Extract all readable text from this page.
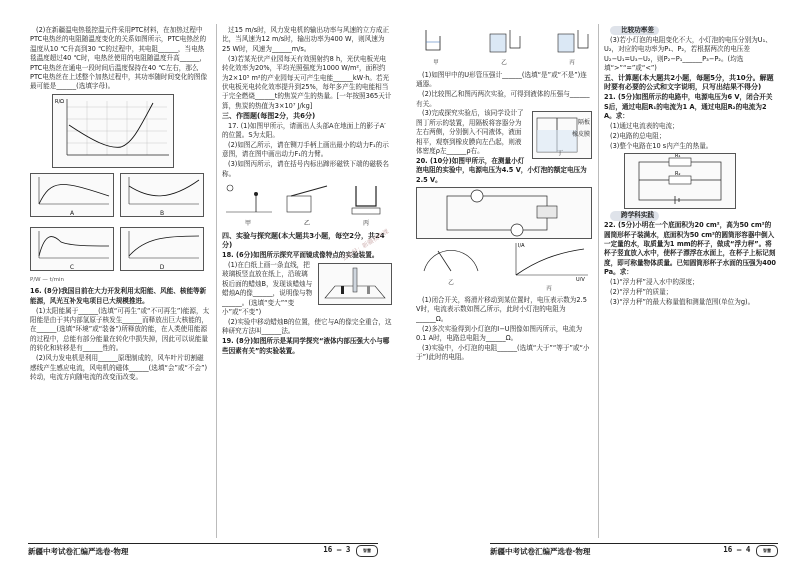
(2)在新疆温电热毯控温元件采用PTC材料，在加热过程中PTC电热丝的电阻随温度变化的关系如图所示，PTC电热丝的温度从10 ℃升高到30 ℃的过程中，其电阻______，当电热毯温度超过40 ℃时，电热丝使用的电阻随温度升高______，PTC电热丝在通电一段时间后温度保持在40 ℃左右，那么PTC电热丝在上述整个加热过程中，其功率随时间变化的图像最可能是______(选填字母)。

R/Ω
A	B
C	D
P/W — t/min

16. (8分)我国目前在大力开发利用太阳能、风能、核能等新能源，风光互补发电项目已大规模推进。

(1)太阳能属于______(选填“可再生”或“不可再生”)能源，太阳能是由于其内部氢原子核发生______而释放出巨大核能的，在______(选填“环境”或“装备”)所释放的能，在人类使用能源的过程中，总能有部分能量在转化中损失掉，因此可以说能量的转化和转移是有______性的。

(2)风力发电机是利用______原理制成的，风车叶片切割磁感线产生感应电流，风电机的磁体______(选填“会”或“不会”)转动，电流方向随电流的改变而改变。

过15 m/s时，风力发电机的输出功率与风速的立方成正比，当风速为12 m/s时，输出功率为400 W，则风速为25 W时，风速为______m/s。

(3)若某光伏产业园每天有效照射约8 h，光伏电板光电转化效率为20%，平均光照强度为1000 W/m²，面积约为2×10⁵ m²的产业园每天可产生电能______kW·h。若光伏电板光电转化效率提升到25%，每年多产生的电能相当于完全燃烧______t的焦炭产生的热量。[一年按照365天计算，焦炭的热值为3×10⁷ J/kg]

三、作图题(每图2分，共6分)

17. (1)如图甲所示，请画出人头部A在地面上的影子A′的位置。S为太阳。

(2)如图乙所示，请在铡刀手柄上画出最小的动力F₁的示意图，请在图中画出动力F₁的力臂。

(3)如图丙所示，请在括号内标出蹄形磁铁下端的磁极名称。

甲	乙	丙

四、实验与探究题(本大题共3小题，每空2分，共24分)

18. (6分)如图所示探究平面镜成像特点的实验装置。

(1)在白纸上画一条直线，把玻璃板竖直放在纸上，沿玻璃板后面的蜡烛B，发现该蜡烛与蜡烛A的像______，说明像与物______。(选填“变大”“变小”或“不变”)

(2)实验中移动蜡烛B的位置，使它与A的像完全重合，这种研究方法叫______法。

19. (8分)如图所示是某同学探究“液体内部压强大小与哪些因素有关”的实验装置。

新疆中考试卷汇编严选卷·物理	16 — 3	智慧
公众号：新疆初中课
甲	乙	丙

(1)如图甲中的U形管压强计______(选填“是”或“不是”)连通器。

(2)比较图乙和图丙两次实验，可得到液体的压强与______有关。

隔板
橡皮膜
丁

(3)完成探究实验后，该同学设计了图丁所示的装置，用隔板将容器分为左右两侧，分别倒入不同液体，液面相平，观察到橡皮膜向左凸起，则液体密度ρ左______ρ右。

20. (10分)如图甲所示，在测量小灯泡电阻的实验中，电源电压为4.5 V，小灯泡的额定电压为2.5 V。

乙
I/A
U/V
丙

(1)闭合开关，将滑片移动到某位置时，电压表示数为2.5 V时，电流表示数如图乙所示，此时小灯泡的电阻为______Ω。

(2)多次实验得到小灯泡的I−U图像如图丙所示，电流为0.1 A时，电路总电阻为______Ω。

(3)实验中，小灯泡的电阻______(选填“大于”“等于”或“小于”)此时的电阻。

比较功率差

(3)若小灯泡的电阻变化不大，小灯泡的电压分别为U₁、U₂，对应的电功率为P₁、P₂，若根据两次的电压差U₂−U₁=U₃−U₂，则P₂−P₁______P₃−P₂。(均选填“>”“=”或“<”)

五、计算题(本大题共2小题，每题5分，共10分。解题时要有必要的公式和文字说明，只写出结果不得分)

21. (5分)如图所示的电路中，电源电压为6 V，闭合开关S后，通过电阻R₁的电流为1 A，通过电阻R₂的电流为2 A。求：

(1)通过电流表的电流；

(2)电路的总电阻；

(3)整个电路在10 s内产生的热量。

R₁
R₂

跨学科实践

22. (5分)小明在一个底面积为20 cm²，高为50 cm²的圆筒形杯子装满水，底面积为50 cm²的圆筒形容器中倒入一定量的水，取质量为1 mm的杯子，做成“浮力秤”。将杯子竖直放入水中，使杯子漂浮在水面上，在杯子上标记刻度，即可称量物体质量。已知圆筒形杯子水面的压强为400 Pa。求：

(1)“浮力秤”浸入水中的深度；

(2)“浮力秤”的质量；

(3)“浮力秤”的最大称量值和测量范围(单位为g)。

新疆中考试卷汇编严选卷·物理	16 — 4	智慧
